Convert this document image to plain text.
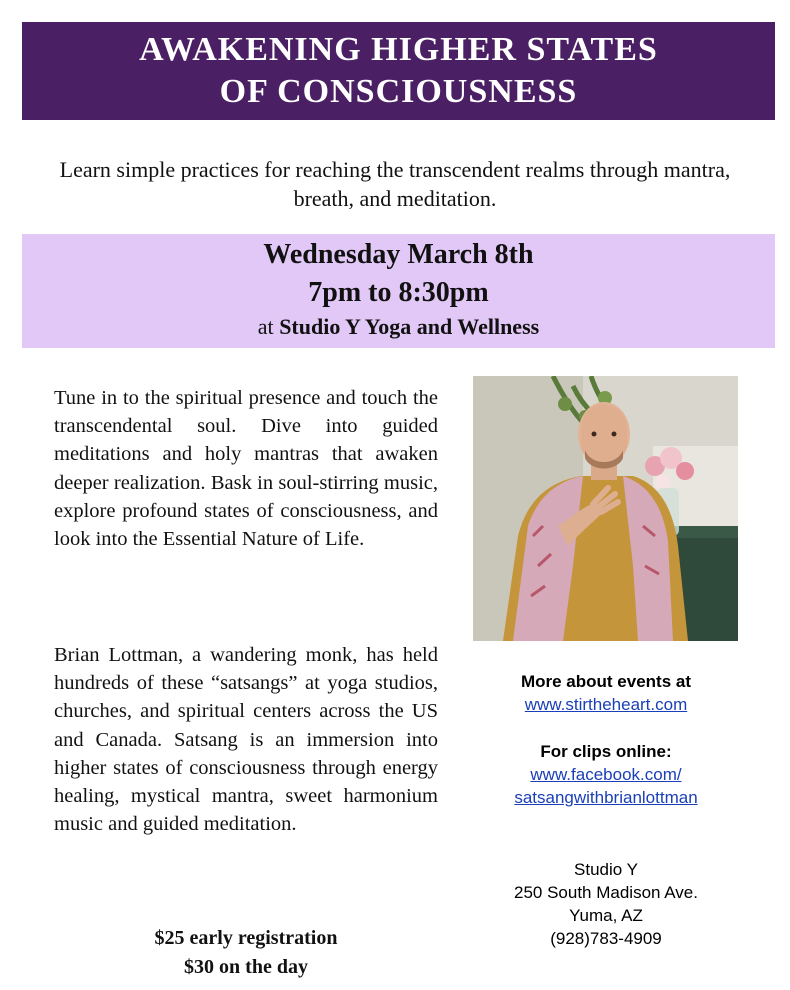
AWAKENING HIGHER STATES
OF CONSCIOUSNESS
Learn simple practices for reaching the transcendent realms through mantra, breath, and meditation.
Wednesday March 8th
7pm to 8:30pm
at Studio Y Yoga and Wellness
Tune in to the spiritual presence and touch the transcendental soul. Dive into guided meditations and holy mantras that awaken deeper realization. Bask in soul-stirring music, explore profound states of consciousness, and look into the Essential Nature of Life.
Brian Lottman, a wandering monk, has held hundreds of these “satsangs” at yoga studios, churches, and spiritual centers across the US and Canada. Satsang is an immersion into higher states of consciousness through energy healing, mystical mantra, sweet harmonium music and guided meditation.
$25 early registration
$30 on the day
More about events at
www.stirtheheart.com
For clips online:
www.facebook.com/
satsangwithbrianlottman
Studio Y
250 South Madison Ave.
Yuma, AZ
(928)783-4909
